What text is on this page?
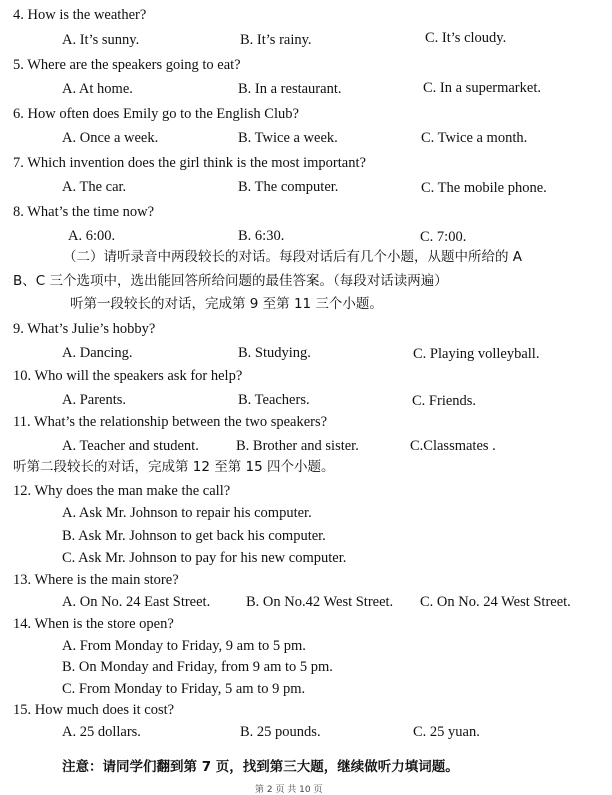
4. How is the weather?
A. It’s sunny.	B. It’s rainy.	C. It’s cloudy.
5. Where are the speakers going to eat?
A. At home.	B. In a restaurant.	C. In a supermarket.
6. How often does Emily go to the English Club?
A. Once a week.	B. Twice a week.	C. Twice a month.
7. Which invention does the girl think is the most important?
A. The car.	B. The computer.	C. The mobile phone.
8. What’s the time now?
A. 6:00.	B. 6:30.	C. 7:00.
（二）请听录音中两段较长的对话。每段对话后有几个小题，从题中所给的 A
B、C 三个选项中，选出能回答所给问题的最佳答案。（每段对话读两遍）
听第一段较长的对话，完成第 9 至第 11 三个小题。
9. What’s Julie’s hobby?
A. Dancing.	B. Studying.	C. Playing volleyball.
10. Who will the speakers ask for help?
A. Parents.	B. Teachers.	C. Friends.
11. What’s the relationship between the two speakers?
A. Teacher and student.	B. Brother and sister.	C.Classmates .
听第二段较长的对话，完成第 12 至第 15 四个小题。
12. Why does the man make the call?
A. Ask Mr. Johnson to repair his computer.
B. Ask Mr. Johnson to get back his computer.
C. Ask Mr. Johnson to pay for his new computer.
13. Where is the main store?
A. On No. 24 East Street. B. On No.42 West Street. C. On No. 24 West Street.
14. When is the store open?
A. From Monday to Friday, 9 am to 5 pm.
B. On Monday and Friday, from 9 am to 5 pm.
C. From Monday to Friday, 5 am to 9 pm.
15. How much does it cost?
A. 25 dollars.	B. 25 pounds.	C. 25 yuan.
注意：请同学们翻到第 7 页，找到第三大题，继续做听力填词题。
第 2 页 共 10 页
